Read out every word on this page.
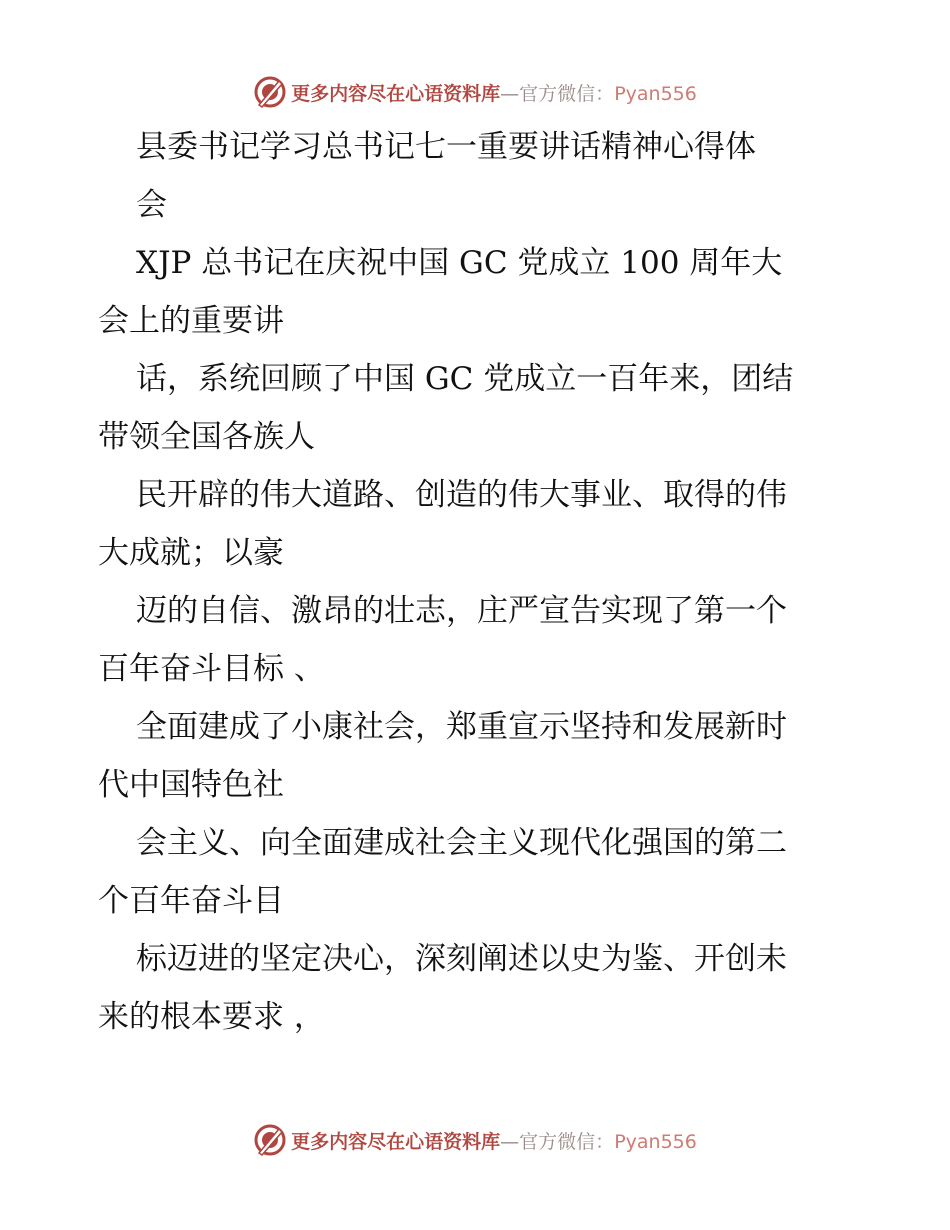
更多内容尽在心语资料库—官方微信：Pyan556
县委书记学习总书记七一重要讲话精神心得体
会
XJP 总书记在庆祝中国 GC 党成立 100 周年大
会上的重要讲
话，系统回顾了中国 GC 党成立一百年来，团结
带领全国各族人
民开辟的伟大道路、创造的伟大事业、取得的伟
大成就；以豪
迈的自信、激昂的壮志，庄严宣告实现了第一个
百年奋斗目标 、
全面建成了小康社会，郑重宣示坚持和发展新时
代中国特色社
会主义、向全面建成社会主义现代化强国的第二
个百年奋斗目
标迈进的坚定决心，深刻阐述以史为鉴、开创未
来的根本要求 ，
更多内容尽在心语资料库—官方微信：Pyan556
